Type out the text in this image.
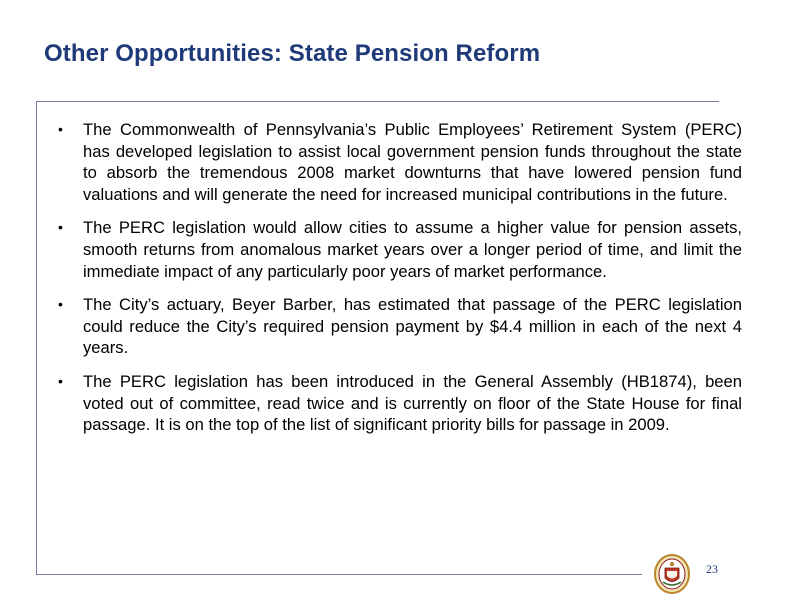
Other Opportunities: State Pension Reform
• The Commonwealth of Pennsylvania’s Public Employees’ Retirement System (PERC) has developed legislation to assist local government pension funds throughout the state to absorb the tremendous 2008 market downturns that have lowered pension fund valuations and will generate the need for increased municipal contributions in the future.
• The PERC legislation would allow cities to assume a higher value for pension assets, smooth returns from anomalous market years over a longer period of time, and limit the immediate impact of any particularly poor years of market performance.
• The City’s actuary, Beyer Barber, has estimated that passage of the PERC legislation could reduce the City’s required pension payment by $4.4 million in each of the next 4 years.
• The PERC legislation has been introduced in the General Assembly (HB1874), been voted out of committee, read twice and is currently on floor of the State House for final passage. It is on the top of the list of significant priority bills for passage in 2009.
23
